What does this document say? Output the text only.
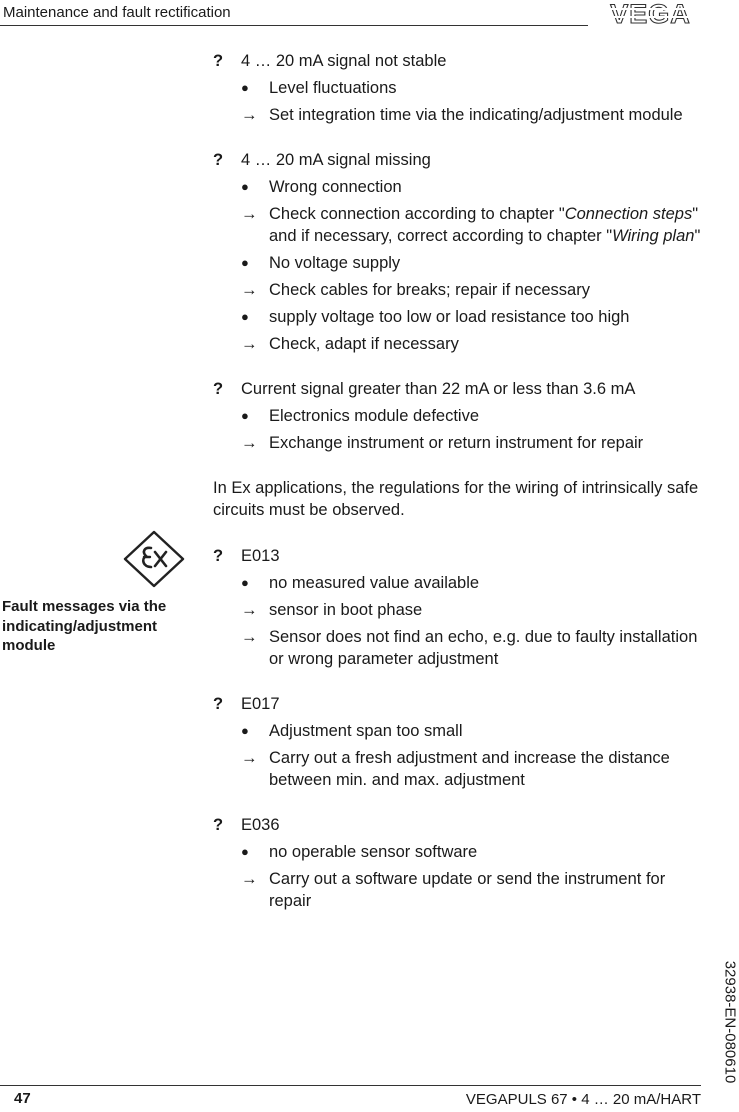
Maintenance and fault rectification	VEGA
?	4 … 20 mA signal not stable
●	Level fluctuations
→ Set integration time via the indicating/adjustment module
?	4 … 20 mA signal missing
●	Wrong connection
→ Check connection according to chapter "Connection steps" and if necessary, correct according to chapter "Wiring plan"
●	No voltage supply
→ Check cables for breaks; repair if necessary
●	supply voltage too low or load resistance too high
→ Check, adapt if necessary
?	Current signal greater than 22 mA or less than 3.6 mA
●	Electronics module defective
→ Exchange instrument or return instrument for repair
In Ex applications, the regulations for the wiring of intrinsically safe circuits must be observed.
?	E013
●	no measured value available
→ sensor in boot phase
→ Sensor does not find an echo, e.g. due to faulty installation or wrong parameter adjustment
?	E017
●	Adjustment span too small
→ Carry out a fresh adjustment and increase the distance between min. and max. adjustment
?	E036
●	no operable sensor software
→ Carry out a software update or send the instrument for repair
Fault messages via the indicating/adjustment module
32938-EN-080610
47	VEGAPULS 67 • 4 … 20 mA/HART
